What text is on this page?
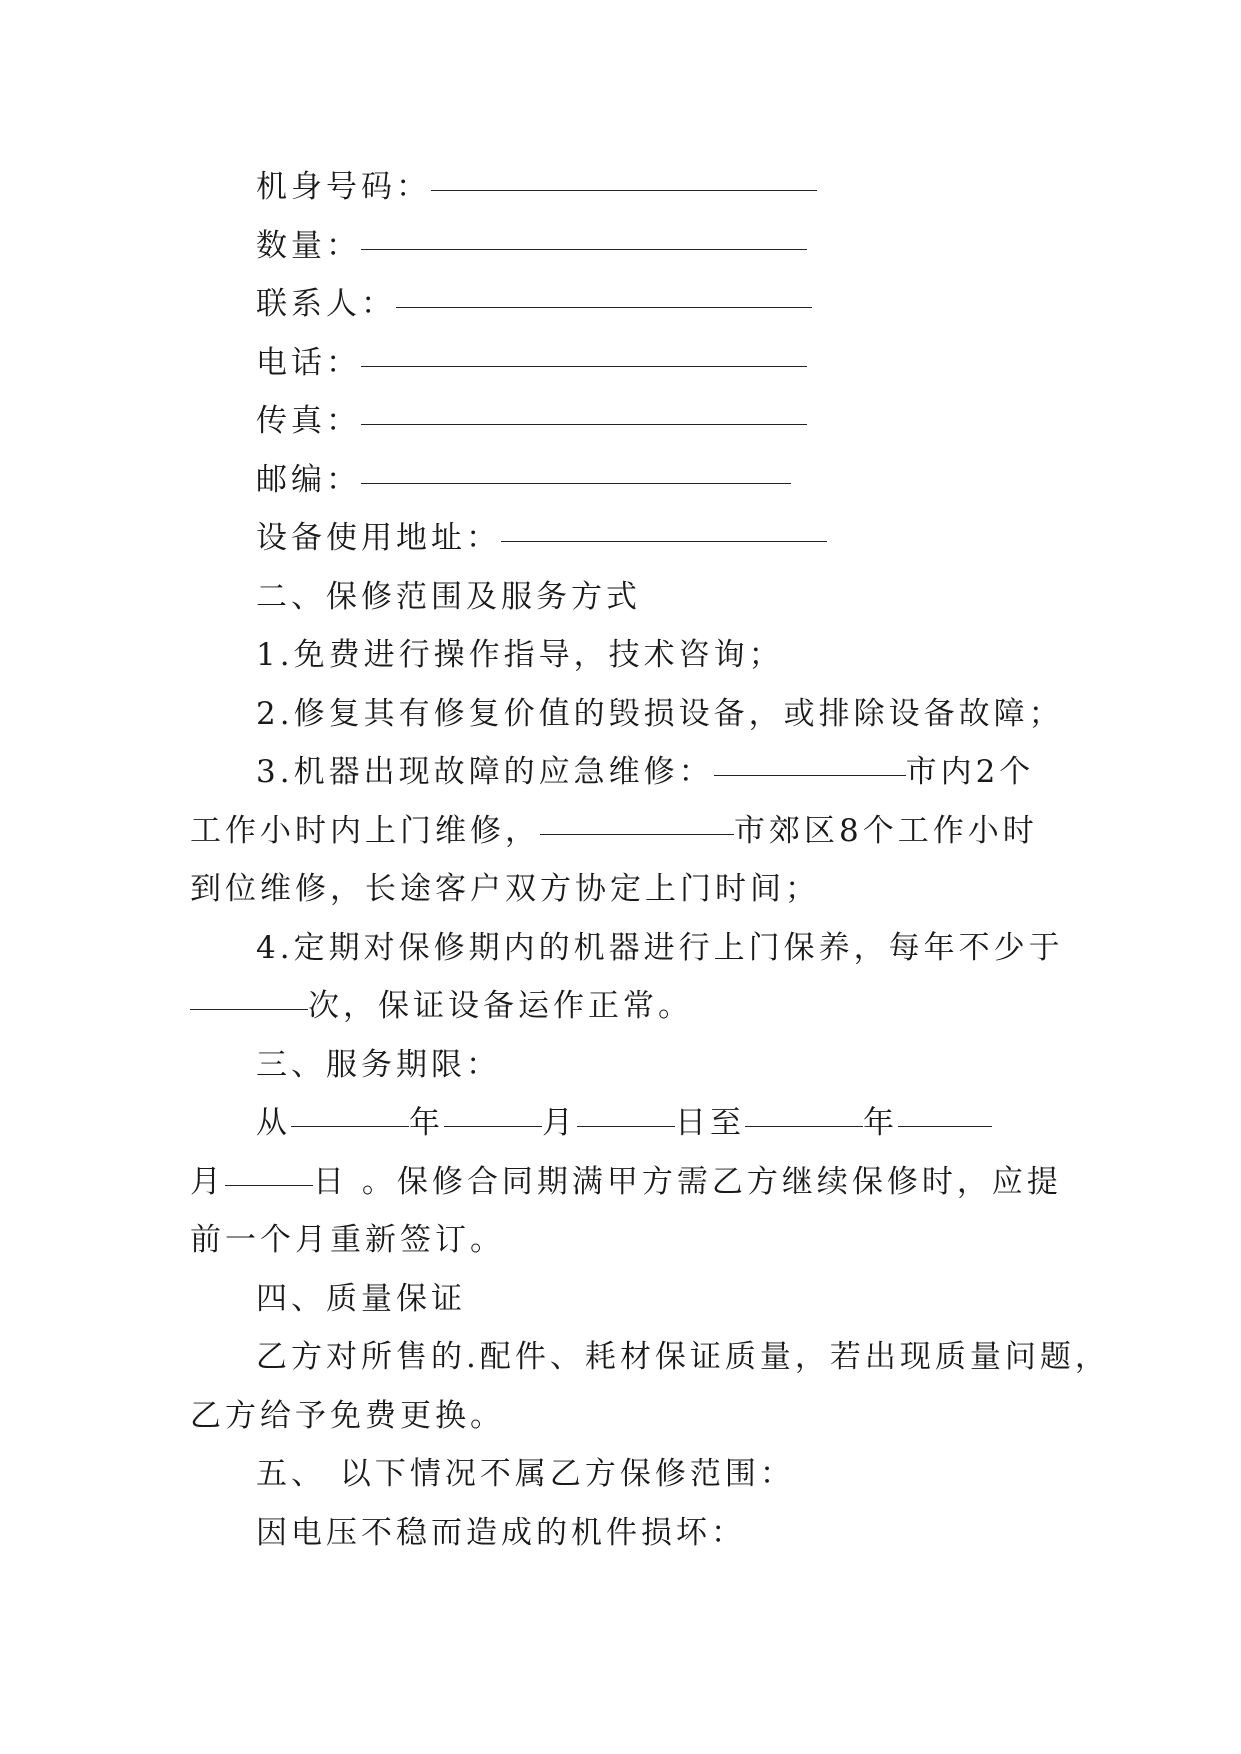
机身号码：
数量：
联系人：
电话：
传真：
邮编：
设备使用地址：
二、保修范围及服务方式
1.免费进行操作指导，技术咨询；
2.修复其有修复价值的毁损设备，或排除设备故障；
3.机器出现故障的应急维修：	市内2个
工作小时内上门维修，	市郊区8个工作小时
到位维修，长途客户双方协定上门时间；
4.定期对保修期内的机器进行上门保养，每年不少于
次，保证设备运作正常。
三、服务期限：
从	年	月	日至	年
月	日 。保修合同期满甲方需乙方继续保修时，应提
前一个月重新签订。
四、质量保证
乙方对所售的.配件、耗材保证质量，若出现质量问题，
乙方给予免费更换。
五、 以下情况不属乙方保修范围：
因电压不稳而造成的机件损坏：
